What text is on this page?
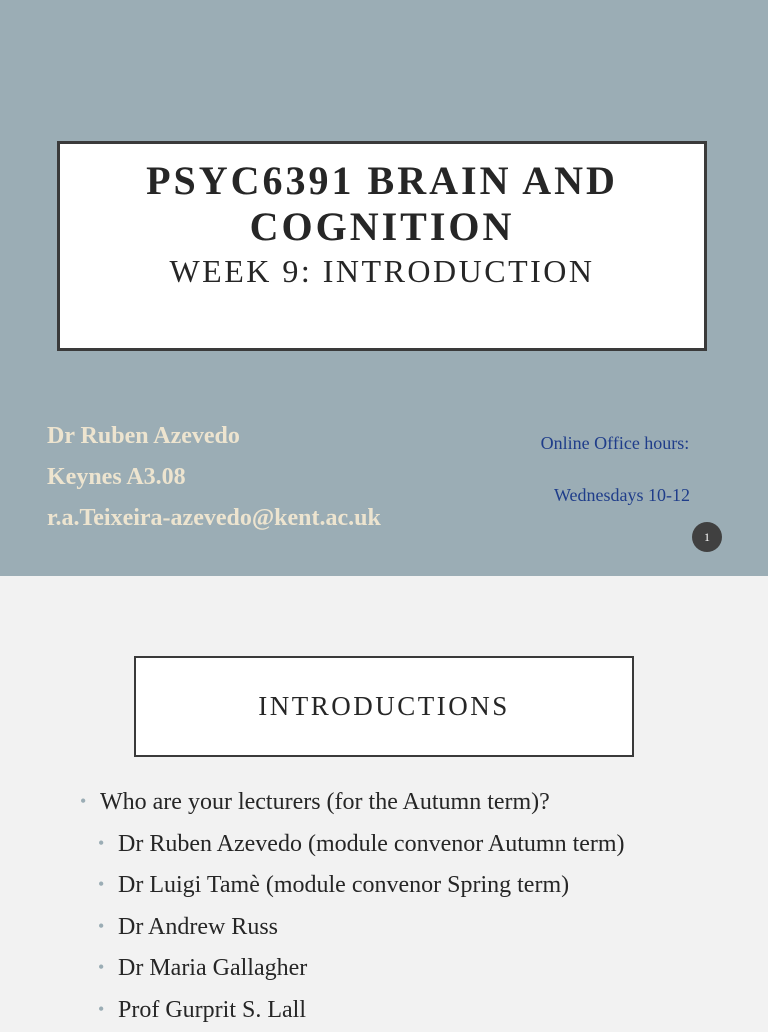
PSYC6391 BRAIN AND COGNITION
WEEK 9: INTRODUCTION
Dr Ruben Azevedo
Keynes A3.08
r.a.Teixeira-azevedo@kent.ac.uk
Online Office hours:
Wednesdays 10-12
1
INTRODUCTIONS
• Who are your lecturers (for the Autumn term)?
• Dr Ruben Azevedo (module convenor Autumn term)
• Dr Luigi Tamè (module convenor Spring term)
• Dr Andrew Russ
• Dr Maria Gallagher
• Prof Gurprit S. Lall
